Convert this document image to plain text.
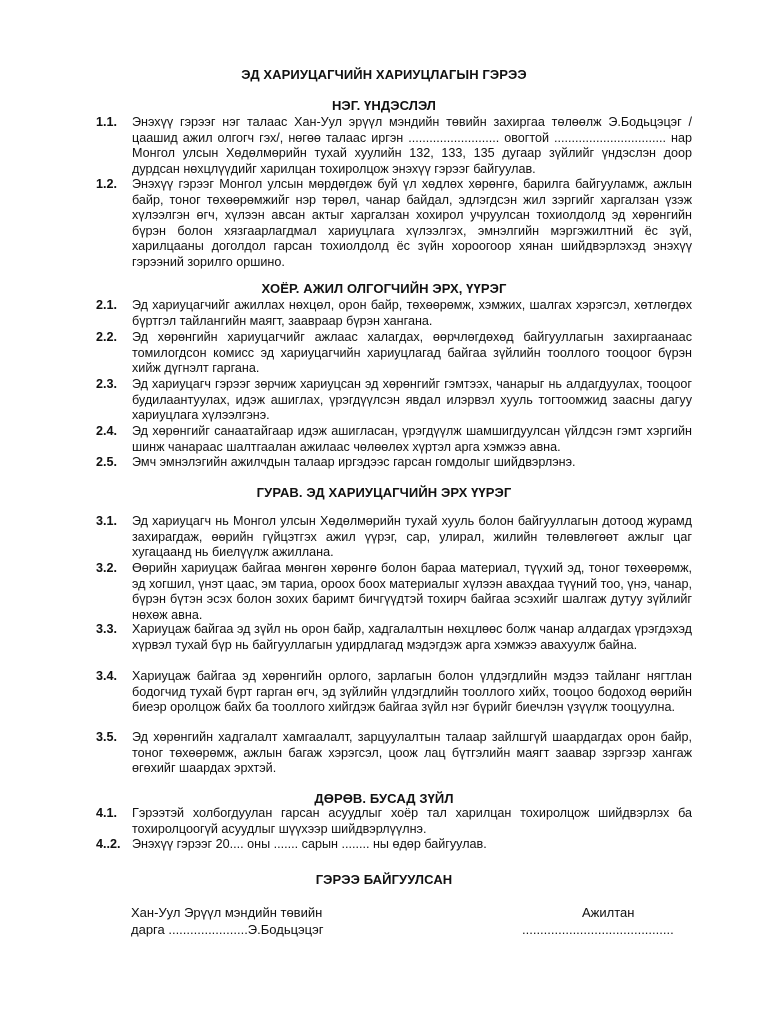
ЭД ХАРИУЦАГЧИЙН ХАРИУЦЛАГЫН ГЭРЭЭ
НЭГ. ҮНДЭСЛЭЛ
1.1.	Энэхүү гэрээг нэг талаас Хан-Уул эрүүл мэндийн төвийн захиргаа төлөөлж Э.Бодьцэцэг /цаашид ажил олгогч гэх/, нөгөө талаас иргэн .......................... овогтой ................................ нар Монгол улсын Хөдөлмөрийн тухай хуулийн 132, 133, 135 дугаар зүйлийг үндэслэн доор дурдсан нөхцлүүдийг харилцан тохиролцож энэхүү гэрээг байгуулав.
1.2.	Энэхүү гэрээг Монгол улсын мөрдөгдөж буй үл хөдлөх хөрөнгө, барилга байгууламж, ажлын байр, тоног төхөөрөмжийг нэр төрөл, чанар байдал, эдлэгдсэн жил зэргийг харгалзан үзэж хүлээлгэн өгч, хүлээн авсан актыг харгалзан хохирол учруулсан тохиолдолд эд хөрөнгийн бүрэн болон хязгаарлагдмал хариуцлага хүлээлгэх, эмнэлгийн мэргэжилтний ёс зүй, харилцааны доголдол гарсан тохиолдолд ёс зүйн хороогоор хянан шийдвэрлэхэд энэхүү гэрээний зорилго оршино.
ХОЁР. АЖИЛ ОЛГОГЧИЙН ЭРХ, ҮҮРЭГ
2.1.	Эд хариуцагчийг ажиллах нөхцөл, орон байр, төхөөрөмж, хэмжих, шалгах хэрэгсэл, хөтлөгдөх бүртгэл тайлангийн маягт, заавраар бүрэн хангана.
2.2.	Эд хөрөнгийн хариуцагчийг ажлаас халагдах, өөрчлөгдөхөд байгууллагын захиргаанаас томилогдсон комисс эд хариуцагчийн хариуцлагад байгаа зүйлийн тооллого тооцоог бүрэн хийж дүгнэлт гаргана.
2.3.	Эд хариуцагч гэрээг зөрчиж хариуцсан эд хөрөнгийг гэмтээх, чанарыг нь алдагдуулах, тооцоог будилаантуулах, идэж ашиглах, үрэгдүүлсэн явдал илэрвэл хууль тогтоомжид заасны дагуу хариуцлага хүлээлгэнэ.
2.4.	Эд хөрөнгийг санаатайгаар идэж ашигласан, үрэгдүүлж шамшигдуулсан үйлдсэн гэмт хэргийн шинж чанараас шалтгаалан ажилаас чөлөөлөх хүртэл арга хэмжээ авна.
2.5.	Эмч эмнэлэгийн ажилчдын талаар иргэдээс гарсан гомдолыг шийдвэрлэнэ.
ГУРАВ. ЭД ХАРИУЦАГЧИЙН ЭРХ ҮҮРЭГ
3.1.	Эд хариуцагч нь Монгол улсын Хөдөлмөрийн тухай хууль болон байгууллагын дотоод журамд захирагдаж, өөрийн гүйцэтгэх ажил үүрэг, сар, улирал, жилийн төлөвлөгөөт ажлыг цаг хугацаанд нь биелүүлж ажиллана.
3.2.	Өөрийн хариуцаж байгаа мөнгөн хөрөнгө болон бараа материал, түүхий эд, тоног төхөөрөмж, эд хогшил, үнэт цаас, эм тариа, ороох боох материалыг хүлээн авахдаа түүний тоо, үнэ, чанар, бүрэн бүтэн эсэх болон зохих баримт бичгүүдтэй тохирч байгаа эсэхийг шалгаж дутуу зүйлийг нөхөж авна.
3.3.	Хариуцаж байгаа эд зүйл нь орон байр, хадгалалтын нөхцлөөс болж чанар алдагдах үрэгдэхэд хүрвэл тухай бүр нь байгууллагын удирдлагад мэдэгдэж арга хэмжээ авахуулж байна.
3.4.	Хариуцаж байгаа эд хөрөнгийн орлого, зарлагын болон үлдэгдлийн мэдээ тайланг нягтлан бодогчид тухай бүрт гарган өгч, эд зүйлийн үлдэгдлийн тооллого хийх, тооцоо бодоход өөрийн биеэр оролцож байх ба тооллого хийгдэж байгаа зүйл нэг бүрийг биечлэн үзүүлж тооцуулна.
3.5.	Эд хөрөнгийн хадгалалт хамгаалалт, зарцуулалтын талаар зайлшгүй шаардагдах орон байр, тоног төхөөрөмж, ажлын багаж хэрэгсэл, цоож лац бүтгэлийн маягт заавар зэргээр хангаж өгөхийг шаардах эрхтэй.
ДӨРӨВ. БУСАД ЗҮЙЛ
4.1.	Гэрээтэй холбогдуулан гарсан асуудлыг хоёр тал харилцан тохиролцож шийдвэрлэх ба тохиролцоогүй асуудлыг шүүхээр шийдвэрлүүлнэ.
4..2. Энэхүү гэрээг 20.... оны ....... сарын ........ ны өдөр байгуулав.
ГЭРЭЭ БАЙГУУЛСАН
Хан-Уул Эрүүл мэндийн төвийн
дарга ......................Э.Бодьцэцэг
Ажилтан
..........................................
